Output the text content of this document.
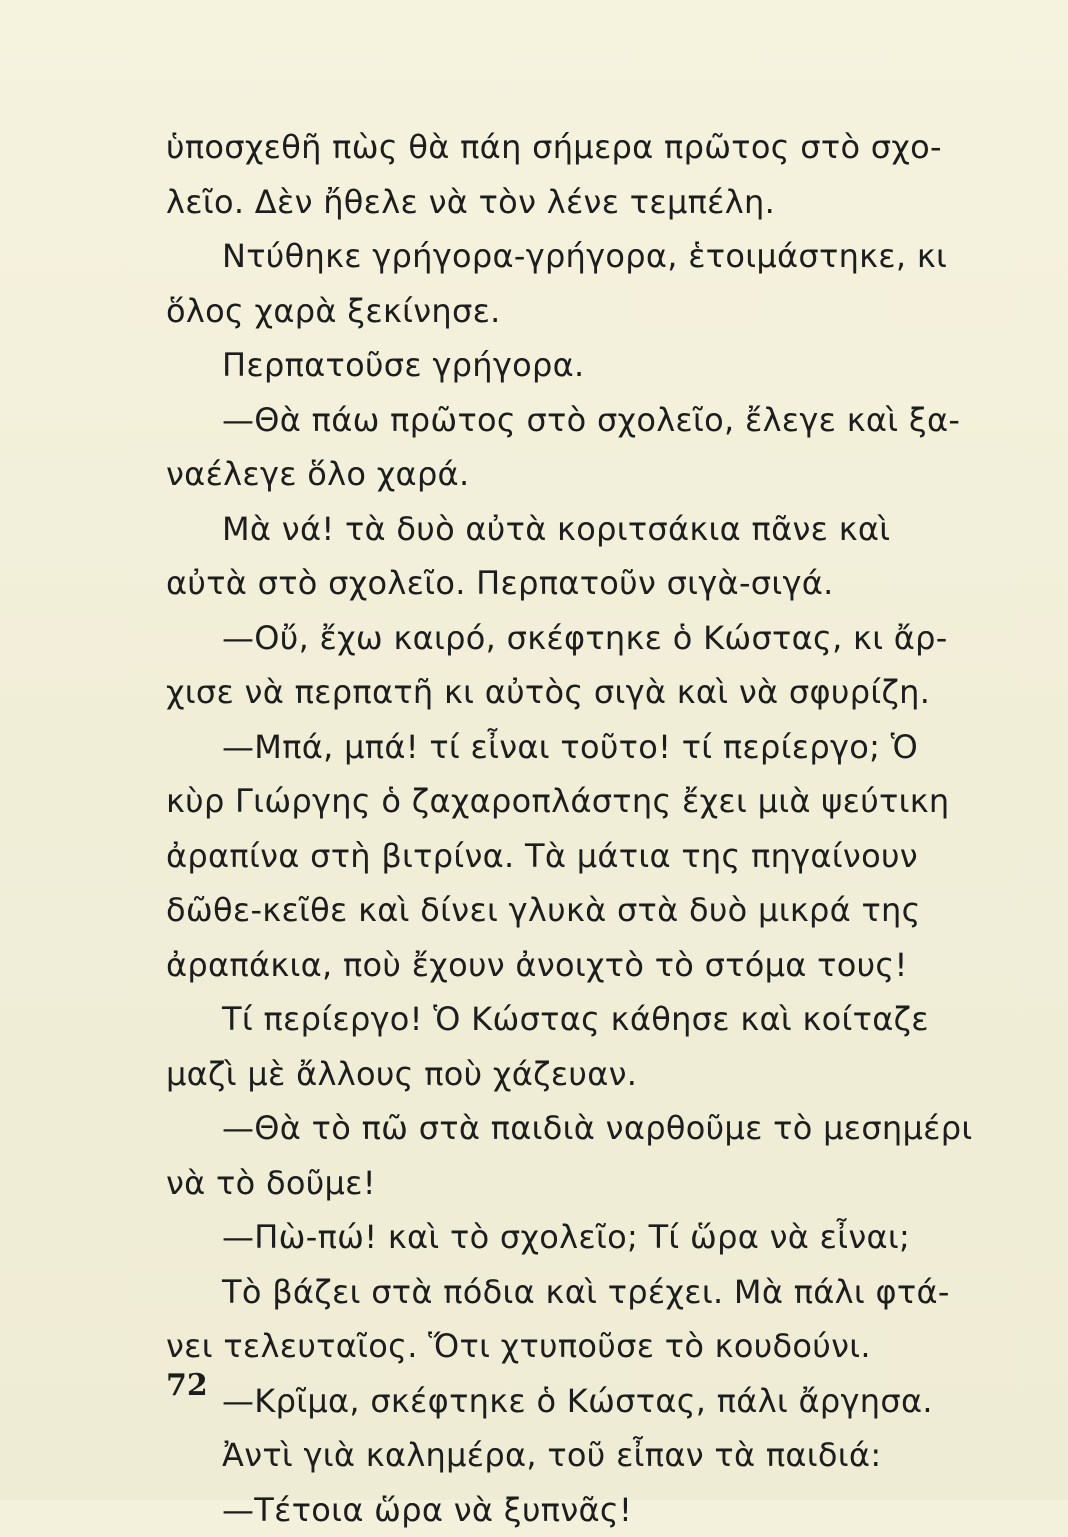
ὑποσχεθῆ πὼς θὰ πάη σήμερα πρῶτος στὸ σχο-
λεῖο. Δὲν ἤθελε νὰ τὸν λένε τεμπέλη.
Ντύθηκε γρήγορα-γρήγορα, ἑτοιμάστηκε, κι
ὅλος χαρὰ ξεκίνησε.
Περπατοῦσε γρήγορα.
—Θὰ πάω πρῶτος στὸ σχολεῖο, ἔλεγε καὶ ξα-
ναέλεγε ὅλο χαρά.
Μὰ νά! τὰ δυὸ αὐτὰ κοριτσάκια πᾶνε καὶ
αὐτὰ στὸ σχολεῖο. Περπατοῦν σιγὰ-σιγά.
—Οὔ, ἔχω καιρό, σκέφτηκε ὁ Κώστας, κι ἄρ-
χισε νὰ περπατῆ κι αὐτὸς σιγὰ καὶ νὰ σφυρίζη.
—Μπά, μπά! τί εἶναι τοῦτο! τί περίεργο; Ὁ
κὺρ Γιώργης ὁ ζαχαροπλάστης ἔχει μιὰ ψεύτικη
ἀραπίνα στὴ βιτρίνα. Τὰ μάτια της πηγαίνουν
δῶθε-κεῖθε καὶ δίνει γλυκὰ στὰ δυὸ μικρά της
ἀραπάκια, ποὺ ἔχουν ἀνοιχτὸ τὸ στόμα τους!
Τί περίεργο! Ὁ Κώστας κάθησε καὶ κοίταζε
μαζὶ μὲ ἄλλους ποὺ χάζευαν.
—Θὰ τὸ πῶ στὰ παιδιὰ ναρθοῦμε τὸ μεσημέρι
νὰ τὸ δοῦμε!
—Πὼ-πώ! καὶ τὸ σχολεῖο; Τί ὥρα νὰ εἶναι;
Τὸ βάζει στὰ πόδια καὶ τρέχει. Μὰ πάλι φτά-
νει τελευταῖος. Ὅτι χτυποῦσε τὸ κουδούνι.
—Κρῖμα, σκέφτηκε ὁ Κώστας, πάλι ἄργησα.
Ἀντὶ γιὰ καλημέρα, τοῦ εἶπαν τὰ παιδιά:
—Τέτοια ὥρα νὰ ξυπνᾶς!
72
